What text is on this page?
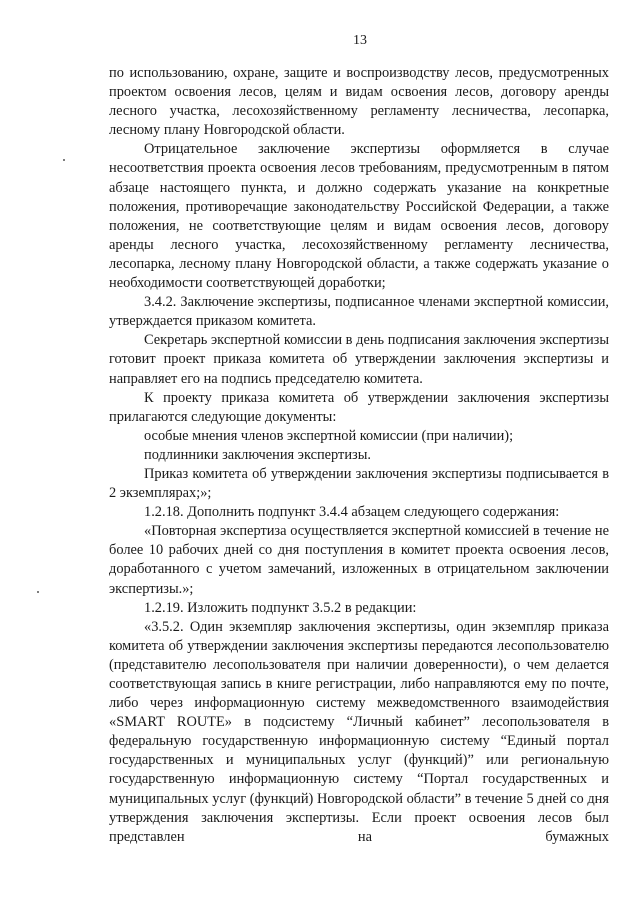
13

по использованию, охране, защите и воспроизводству лесов, предусмотренных проектом освоения лесов, целям и видам освоения лесов, договору аренды лесного участка, лесохозяйственному регламенту лесничества, лесопарка, лесному плану Новгородской области.

Отрицательное заключение экспертизы оформляется в случае несоответствия проекта освоения лесов требованиям, предусмотренным в пятом абзаце настоящего пункта, и должно содержать указание на конкретные положения, противоречащие законодательству Российской Федерации, а также положения, не соответствующие целям и видам освоения лесов, договору аренды лесного участка, лесохозяйственному регламенту лесничества, лесопарка, лесному плану Новгородской области, а также содержать указание о необходимости соответствующей доработки;

3.4.2. Заключение экспертизы, подписанное членами экспертной комиссии, утверждается приказом комитета.

Секретарь экспертной комиссии в день подписания заключения экспертизы готовит проект приказа комитета об утверждении заключения экспертизы и направляет его на подпись председателю комитета.

К проекту приказа комитета об утверждении заключения экспертизы прилагаются следующие документы:

особые мнения членов экспертной комиссии (при наличии);

подлинники заключения экспертизы.

Приказ комитета об утверждении заключения экспертизы подписывается в 2 экземплярах;»;

1.2.18. Дополнить подпункт 3.4.4 абзацем следующего содержания:

«Повторная экспертиза осуществляется экспертной комиссией в течение не более 10 рабочих дней со дня поступления в комитет проекта освоения лесов, доработанного с учетом замечаний, изложенных в отрицательном заключении экспертизы.»;

1.2.19. Изложить подпункт 3.5.2 в редакции:

«3.5.2. Один экземпляр заключения экспертизы, один экземпляр приказа комитета об утверждении заключения экспертизы передаются лесопользователю (представителю лесопользователя при наличии доверенности), о чем делается соответствующая запись в книге регистрации, либо направляются ему по почте, либо через информационную систему межведомственного взаимодействия «SMART ROUTE» в подсистему “Личный кабинет” лесопользователя в федеральную государственную информационную систему “Единый портал государственных и муниципальных услуг (функций)” или региональную государственную информационную систему “Портал государственных и муниципальных услуг (функций) Новгородской области” в течение 5 дней со дня утверждения заключения экспертизы. Если проект освоения лесов был представлен на бумажных
